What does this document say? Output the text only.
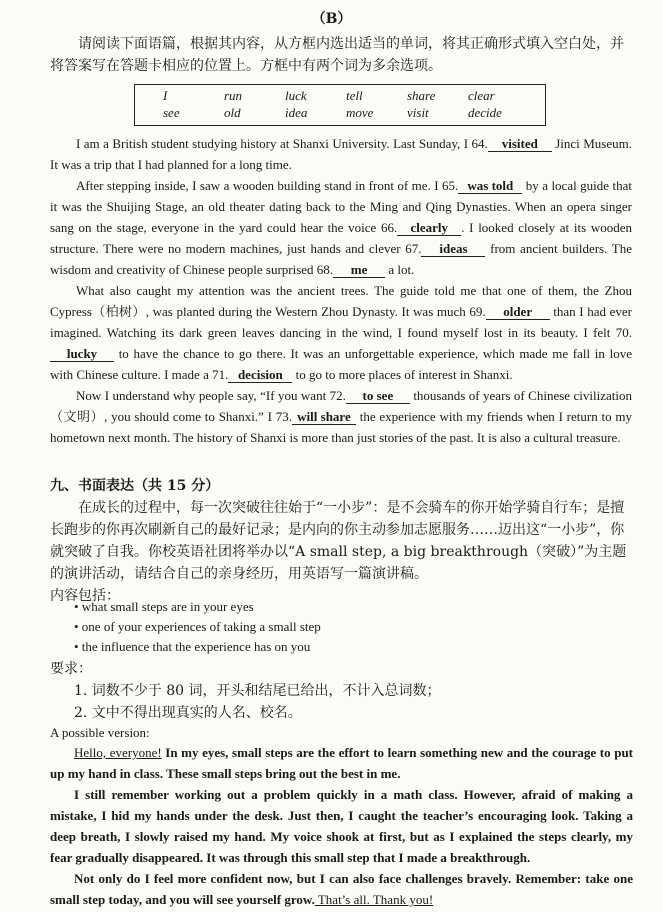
（B）
请阅读下面语篇，根据其内容，从方框内选出适当的单词，将其正确形式填入空白处，并将答案写在答题卡相应的位置上。方框中有两个词为多余选项。
I	run	luck	tell	share	clear
see	old	idea	move	visit	decide

I am a British student studying history at Shanxi University. Last Sunday, I 64. visited Jinci Museum. It was a trip that I had planned for a long time.

After stepping inside, I saw a wooden building stand in front of me. I 65. was told by a local guide that it was the Shuijing Stage, an old theater dating back to the Ming and Qing Dynasties. When an opera singer sang on the stage, everyone in the yard could hear the voice 66. clearly . I looked closely at its wooden structure. There were no modern machines, just hands and clever 67. ideas from ancient builders. The wisdom and creativity of Chinese people surprised 68. me a lot.

What also caught my attention was the ancient trees. The guide told me that one of them, the Zhou Cypress（柏树）, was planted during the Western Zhou Dynasty. It was much 69. older than I had ever imagined. Watching its dark green leaves dancing in the wind, I found myself lost in its beauty. I felt 70.lucky to have the chance to go there. It was an unforgettable experience, which made me fall in love with Chinese culture. I made a 71. decision to go to more places of interest in Shanxi.

Now I understand why people say, “If you want 72. to see thousands of years of Chinese civilization（文明）, you should come to Shanxi.” I 73. will share the experience with my friends when I return to my hometown next month. The history of Shanxi is more than just stories of the past. It is also a cultural treasure.

九、书面表达（共 15 分）

在成长的过程中，每一次突破往往始于“一小步”：是不会骑车的你开始学骑自行车；是擅长跑步的你再次刷新自己的最好记录；是内向的你主动参加志愿服务……迈出这“一小步”，你就突破了自我。你校英语社团将举办以“A small step, a big breakthrough（突破）”为主题的演讲活动，请结合自己的亲身经历，用英语写一篇演讲稿。

内容包括：

• what small steps are in your eyes
• one of your experiences of taking a small step
• the influence that the experience has on you
要求：
1. 词数不少于 80 词，开头和结尾已给出，不计入总词数；
2. 文中不得出现真实的人名、校名。
A possible version:

Hello, everyone! In my eyes, small steps are the effort to learn something new and the courage to put up my hand in class. These small steps bring out the best in me.

I still remember working out a problem quickly in a math class. However, afraid of making a mistake, I hid my hands under the desk. Just then, I caught the teacher’s encouraging look. Taking a deep breath, I slowly raised my hand. My voice shook at first, but as I explained the steps clearly, my fear gradually disappeared. It was through this small step that I made a breakthrough.

Not only do I feel more confident now, but I can also face challenges bravely. Remember: take one small step today, and you will see yourself grow. That’s all. Thank you!
